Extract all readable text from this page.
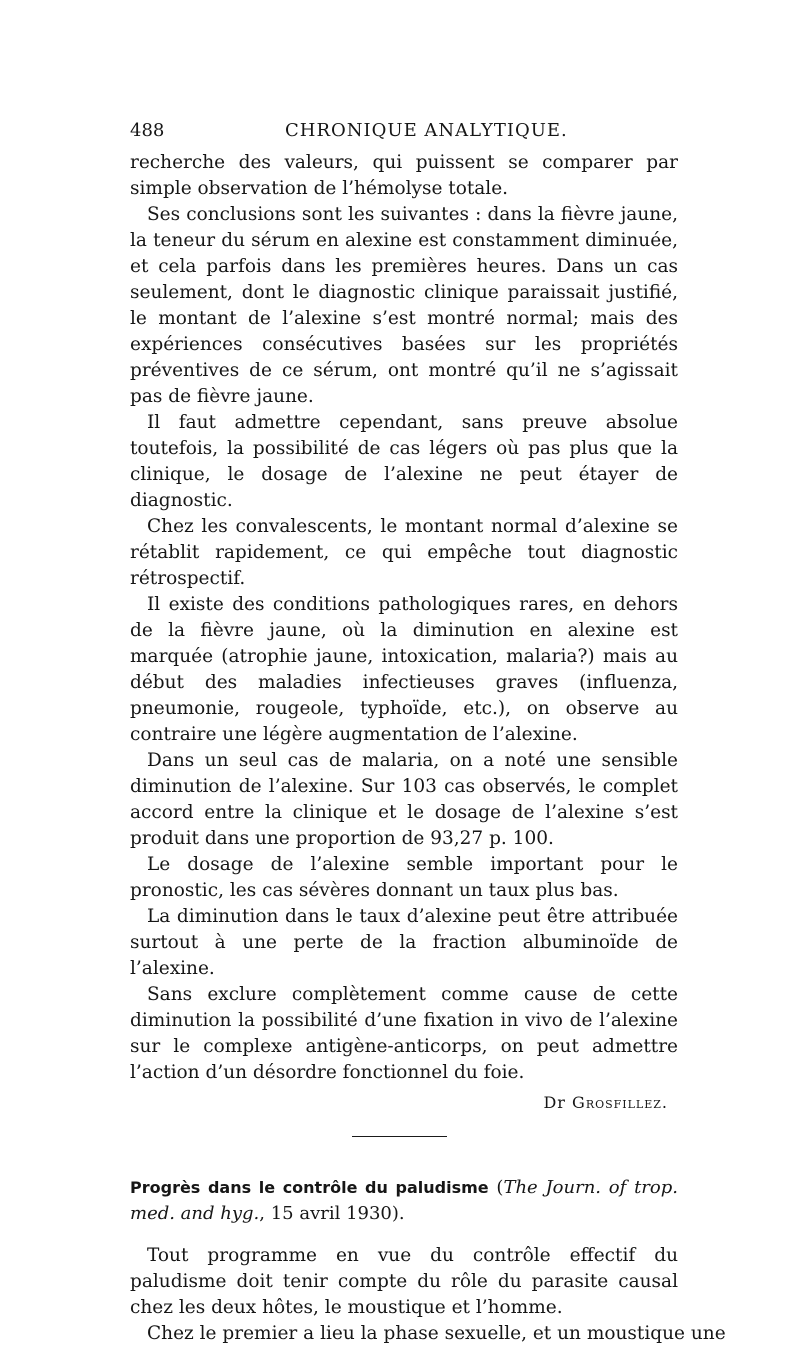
488	CHRONIQUE ANALYTIQUE.

recherche des valeurs, qui puissent se comparer par simple observation de l’hémolyse totale.

Ses conclusions sont les suivantes : dans la fièvre jaune, la teneur du sérum en alexine est constamment diminuée, et cela parfois dans les premières heures. Dans un cas seulement, dont le diagnostic clinique paraissait justifié, le montant de l’alexine s’est montré normal; mais des expériences consécutives basées sur les propriétés préventives de ce sérum, ont montré qu’il ne s’agissait pas de fièvre jaune.

Il faut admettre cependant, sans preuve absolue toutefois, la possibilité de cas légers où pas plus que la clinique, le dosage de l’alexine ne peut étayer de diagnostic.

Chez les convalescents, le montant normal d’alexine se rétablit rapidement, ce qui empêche tout diagnostic rétrospectif.

Il existe des conditions pathologiques rares, en dehors de la fièvre jaune, où la diminution en alexine est marquée (atrophie jaune, intoxication, malaria?) mais au début des maladies infectieuses graves (influenza, pneumonie, rougeole, typhoïde, etc.), on observe au contraire une légère augmentation de l’alexine.

Dans un seul cas de malaria, on a noté une sensible diminution de l’alexine. Sur 103 cas observés, le complet accord entre la clinique et le dosage de l’alexine s’est produit dans une proportion de 93,27 p. 100.

Le dosage de l’alexine semble important pour le pronostic, les cas sévères donnant un taux plus bas.

La diminution dans le taux d’alexine peut être attribuée surtout à une perte de la fraction albuminoïde de l’alexine.

Sans exclure complètement comme cause de cette diminution la possibilité d’une fixation in vivo de l’alexine sur le complexe antigène-anticorps, on peut admettre l’action d’un désordre fonctionnel du foie.

Dr Grosfillez.
Progrès dans le contrôle du paludisme (The Journ. of trop. med. and hyg., 15 avril 1930).

Tout programme en vue du contrôle effectif du paludisme doit tenir compte du rôle du parasite causal chez les deux hôtes, le moustique et l’homme.

Chez le premier a lieu la phase sexuelle, et un moustique une
